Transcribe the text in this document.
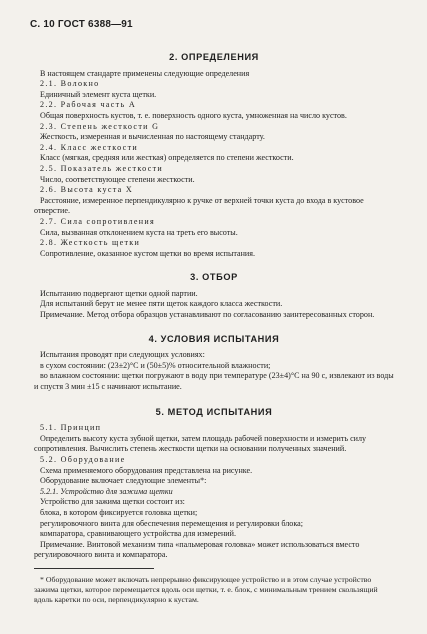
С. 10 ГОСТ 6388—91
2. ОПРЕДЕЛЕНИЯ

В настоящем стандарте применены следующие определения

2.1. Волокно

Единичный элемент куста щетки.

2.2. Рабочая часть А

Общая поверхность кустов, т. е. поверхность одного куста, умноженная на число кустов.

2.3. Степень жесткости G

Жесткость, измеренная и вычисленная по настоящему стандарту.

2.4. Класс жесткости

Класс (мягкая, средняя или жесткая) определяется по степени жесткости.

2.5. Показатель жесткости

Число, соответствующее степени жесткости.

2.6. Высота куста X

Расстояние, измеренное перпендикулярно к ручке от верхней точки куста до входа в кустовое отверстие.

2.7. Сила сопротивления

Сила, вызванная отклонением куста на треть его высоты.

2.8. Жесткость щетки

Сопротивление, оказанное кустом щетки во время испытания.

3. ОТБОР

Испытанию подвергают щетки одной партии.

Для испытаний берут не менее пяти щеток каждого класса жесткости.

Примечание. Метод отбора образцов устанавливают по согласованию заинтересованных сторон.

4. УСЛОВИЯ ИСПЫТАНИЯ

Испытания проводят при следующих условиях:

в сухом состоянии: (23±2)°С и (50±5)% относительной влажности;

во влажном состоянии: щетки погружают в воду при температуре (23±4)°С на 90 с, извлекают из воды и спустя 3 мин ±15 с начинают испытание.

5. МЕТОД ИСПЫТАНИЯ

5.1. Принцип

Определить высоту куста зубной щетки, затем площадь рабочей поверхности и измерить силу сопротивления. Вычислить степень жесткости щетки на основании полученных значений.

5.2. Оборудование

Схема применяемого оборудования представлена на рисунке.

Оборудование включает следующие элементы*:

5.2.1. Устройство для зажима щетки

Устройство для зажима щетки состоит из:

блока, в котором фиксируется головка щетки;

регулировочного винта для обеспечения перемещения и регулировки блока;

компаратора, сравнивающего устройства для измерений.

Примечание. Винтовой механизм типа «пальмеровая головка» может использоваться вместо регулировочного винта и компаратора.

* Оборудование может включать непрерывно фиксирующее устройство и в этом случае устройство зажима щетки, которое перемещается вдоль оси щетки, т. е. блок, с минимальным трением скользящий вдоль каретки по оси, перпендикулярно к кустам.
